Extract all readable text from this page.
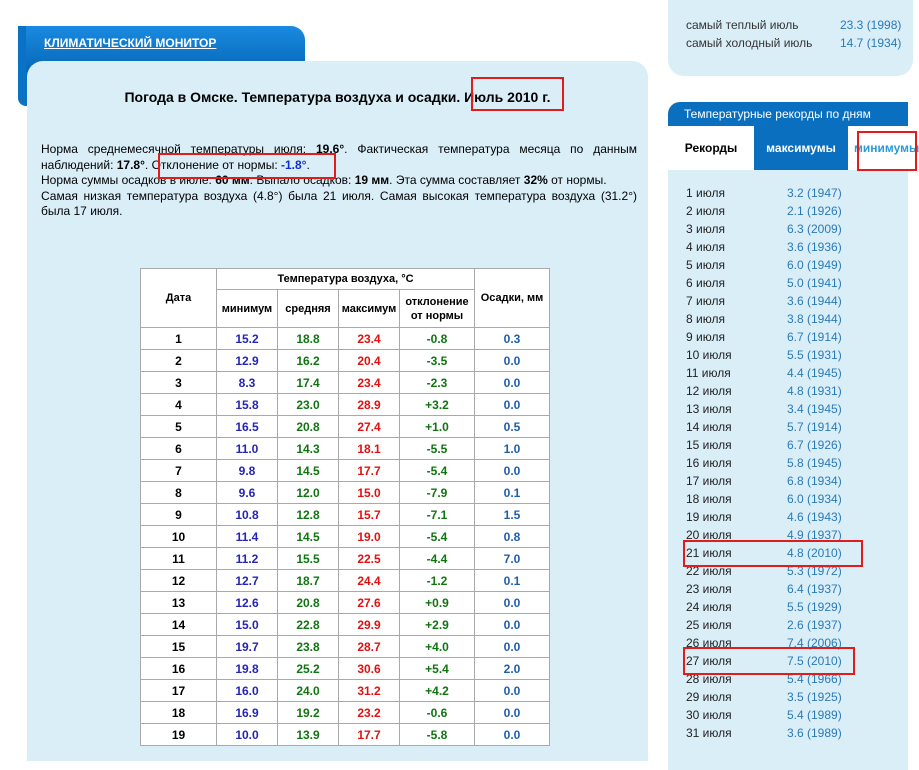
КЛИМАТИЧЕСКИЙ МОНИТОР
Погода в Омске. Температура воздуха и осадки. Июль 2010 г.
Норма среднемесячной температуры июля: 19.6°. Фактическая температура месяца по данным наблюдений: 17.8°. Отклонение от нормы: -1.8°.
Норма суммы осадков в июле: 60 мм. Выпало осадков: 19 мм. Эта сумма составляет 32% от нормы.
Самая низкая температура воздуха (4.8°) была 21 июля. Самая высокая температура воздуха (31.2°) была 17 июля.
Дата	Температура воздуха, °С				Осадки, мм
	минимум	средняя	максимум	отклонение от нормы	
1	15.2	18.8	23.4	-0.8	0.3
2	12.9	16.2	20.4	-3.5	0.0
3	8.3	17.4	23.4	-2.3	0.0
4	15.8	23.0	28.9	+3.2	0.0
5	16.5	20.8	27.4	+1.0	0.5
6	11.0	14.3	18.1	-5.5	1.0
7	9.8	14.5	17.7	-5.4	0.0
8	9.6	12.0	15.0	-7.9	0.1
9	10.8	12.8	15.7	-7.1	1.5
10	11.4	14.5	19.0	-5.4	0.8
11	11.2	15.5	22.5	-4.4	7.0
12	12.7	18.7	24.4	-1.2	0.1
13	12.6	20.8	27.6	+0.9	0.0
14	15.0	22.8	29.9	+2.9	0.0
15	19.7	23.8	28.7	+4.0	0.0
16	19.8	25.2	30.6	+5.4	2.0
17	16.0	24.0	31.2	+4.2	0.0
18	16.9	19.2	23.2	-0.6	0.0
19	10.0	13.9	17.7	-5.8	0.0
самый теплый июль	23.3 (1998)
самый холодный июль 14.7 (1934)
Температурные рекорды по дням
Рекорды	максимумы	минимумы
1 июля	3.2 (1947)
2 июля	2.1 (1926)
3 июля	6.3 (2009)
4 июля	3.6 (1936)
5 июля	6.0 (1949)
6 июля	5.0 (1941)
7 июля	3.6 (1944)
8 июля	3.8 (1944)
9 июля	6.7 (1914)
10 июля	5.5 (1931)
11 июля	4.4 (1945)
12 июля	4.8 (1931)
13 июля	3.4 (1945)
14 июля	5.7 (1914)
15 июля	6.7 (1926)
16 июля	5.8 (1945)
17 июля	6.8 (1934)
18 июля	6.0 (1934)
19 июля	4.6 (1943)
20 июля	4.9 (1937)
21 июля	4.8 (2010)
22 июля	5.3 (1972)
23 июля	6.4 (1937)
24 июля	5.5 (1929)
25 июля	2.6 (1937)
26 июля	7.4 (2006)
27 июля	7.5 (2010)
28 июля	5.4 (1966)
29 июля	3.5 (1925)
30 июля	5.4 (1989)
31 июля	3.6 (1989)
